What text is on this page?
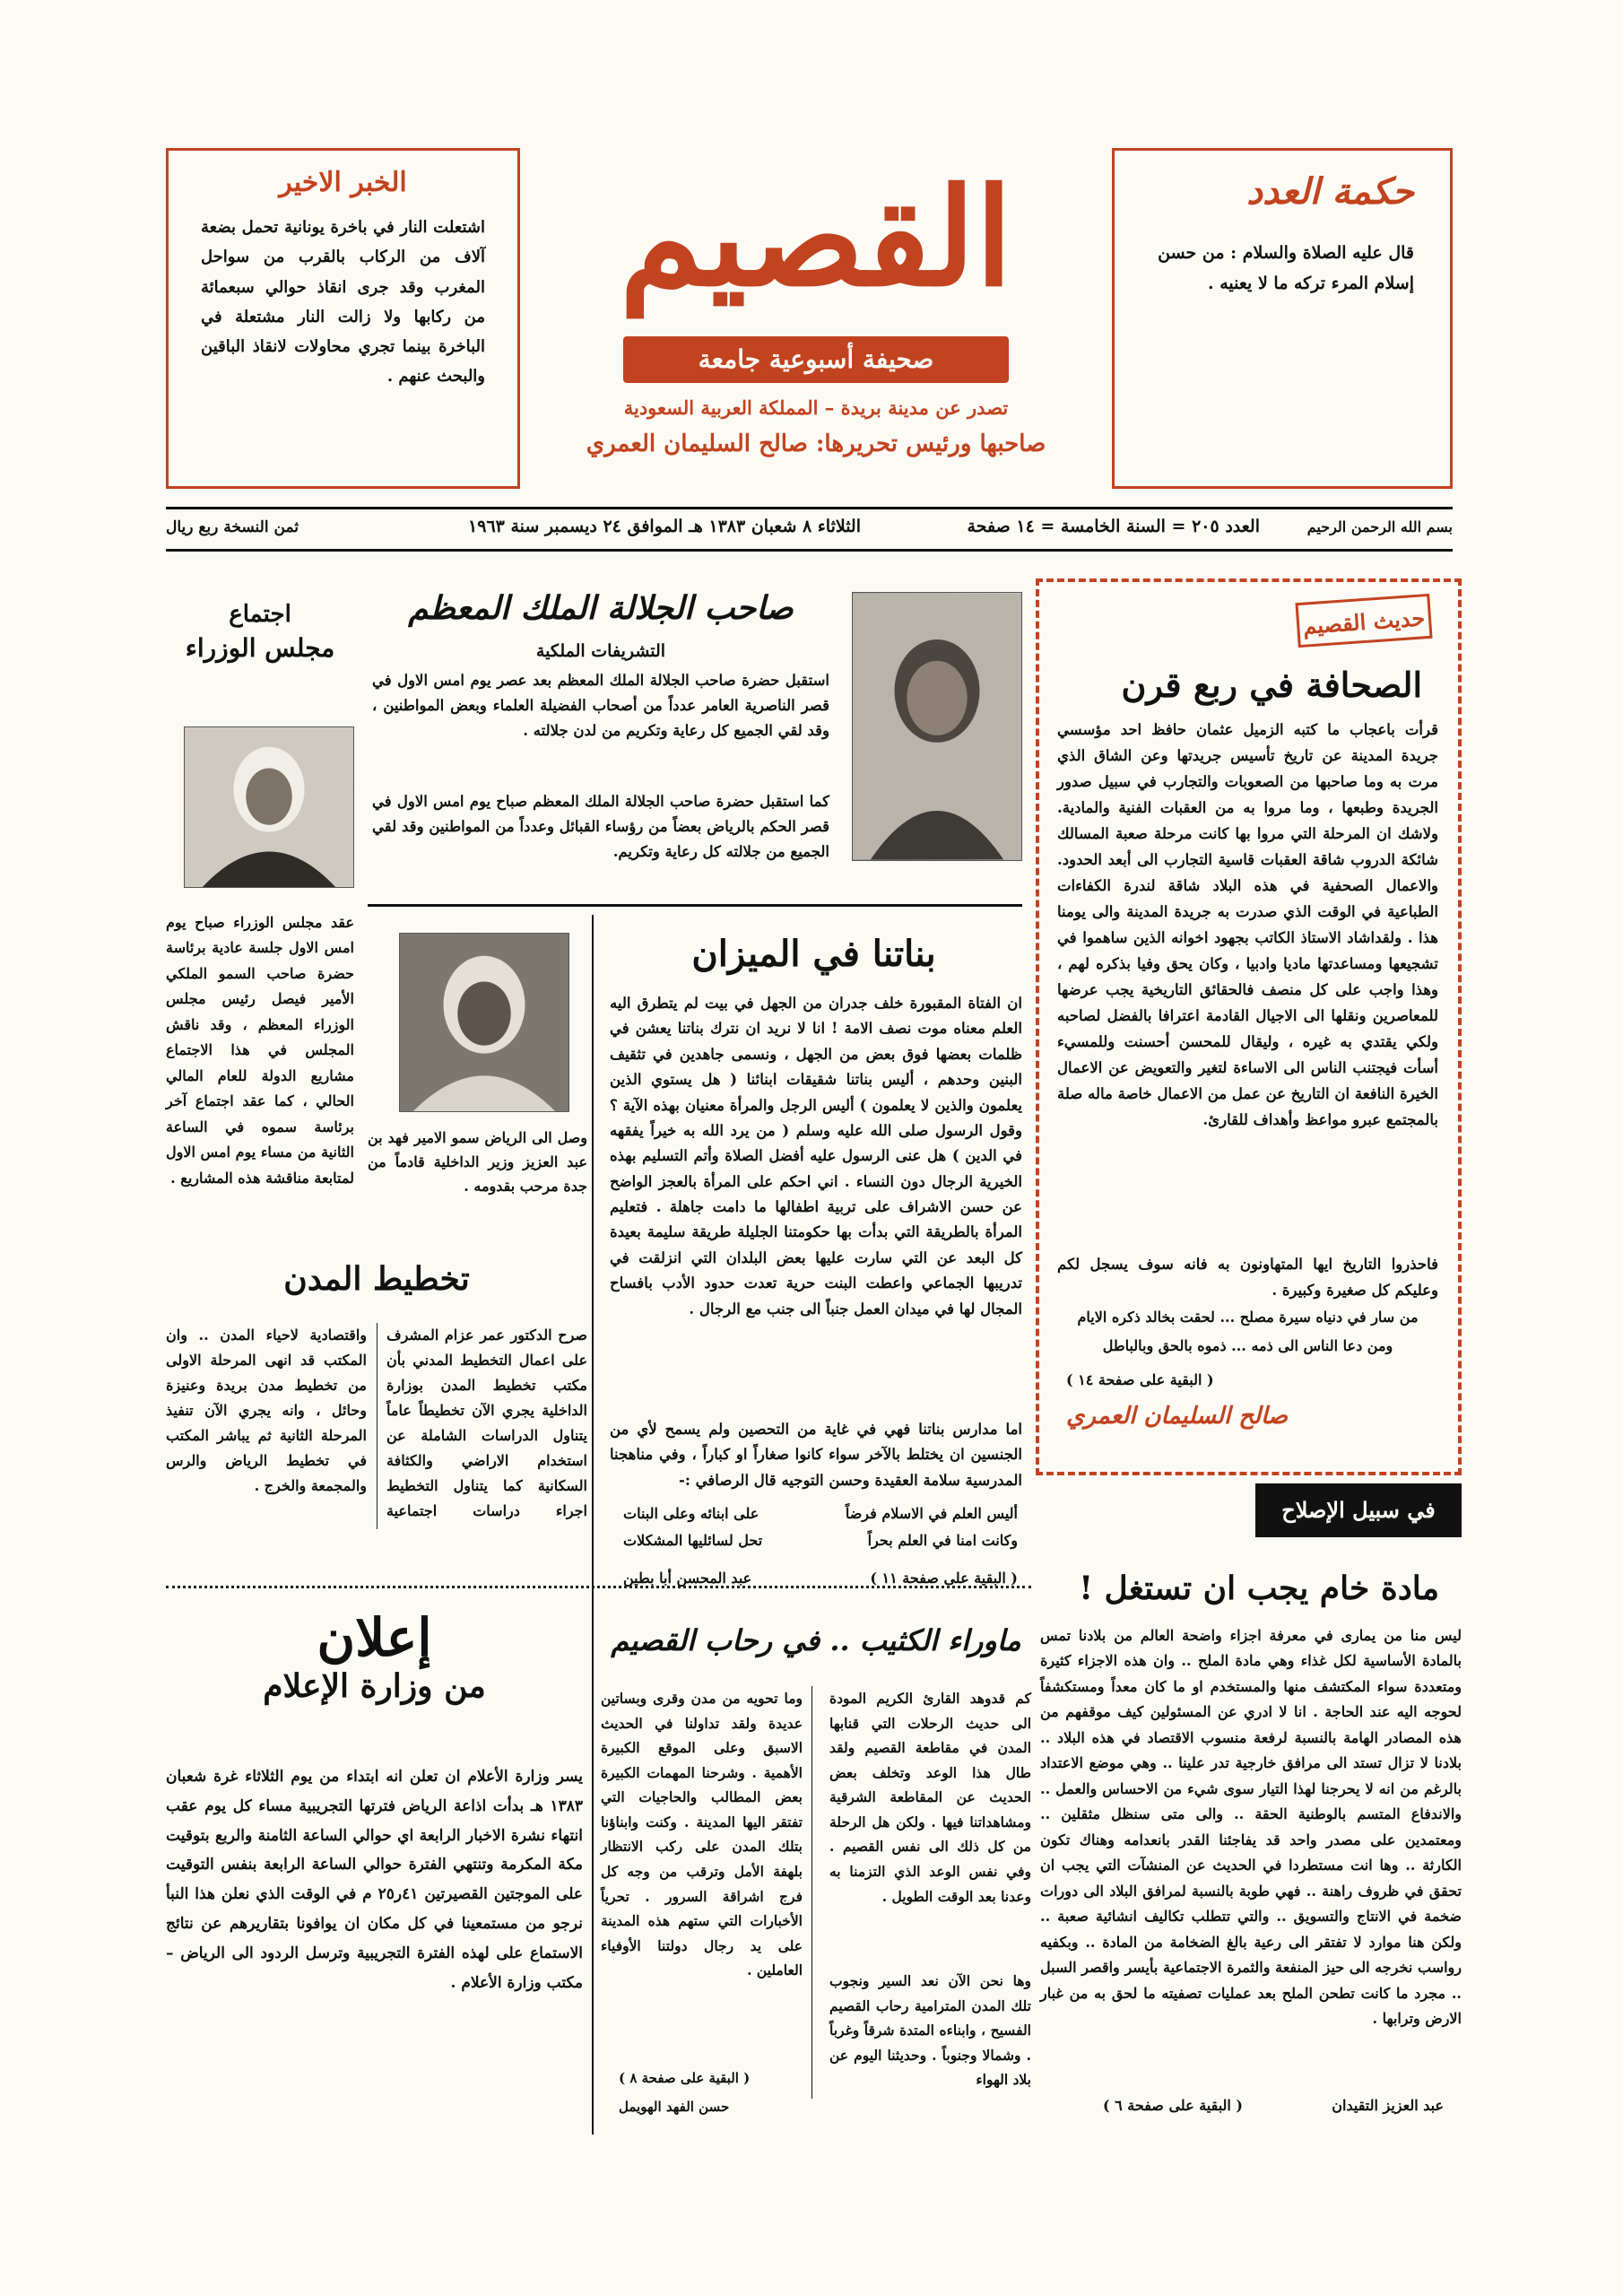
حكمة العدد
قال عليه الصلاة والسلام : من حسن إسلام المرء تركه ما لا يعنيه .
الخبر الاخير
اشتعلت النار في باخرة يونانية تحمل بضعة آلاف من الركاب بالقرب من سواحل المغرب وقد جرى انقاذ حوالي سبعمائة من ركابها ولا زالت النار مشتعلة في الباخرة بينما تجري محاولات لانقاذ الباقين والبحث عنهم .
القصيم
صحيفة أسبوعية جامعة
تصدر عن مدينة بريدة – المملكة العربية السعودية
صاحبها ورئيس تحريرها: صالح السليمان العمري
بسم الله الرحمن الرحيم
العدد ٢٠٥ = السنة الخامسة = ١٤ صفحة
الثلاثاء ٨ شعبان ١٣٨٣ هـ الموافق ٢٤ ديسمبر سنة ١٩٦٣
ثمن النسخة ربع ريال
حديث القصيم
الصحافة في ربع قرن
قرأت باعجاب ما كتبه الزميل عثمان حافظ احد مؤسسي جريدة المدينة عن تاريخ تأسيس جريدتها وعن الشاق الذي مرت به وما صاحبها من الصعوبات والتجارب في سبيل صدور الجريدة وطبعها ، وما مروا به من العقبات الفنية والمادية. ولاشك ان المرحلة التي مروا بها كانت مرحلة صعبة المسالك شائكة الدروب شاقة العقبات قاسية التجارب الى أبعد الحدود. والاعمال الصحفية في هذه البلاد شاقة لندرة الكفاءات الطباعية في الوقت الذي صدرت به جريدة المدينة والى يومنا هذا . ولقداشاد الاستاذ الكاتب بجهود اخوانه الذين ساهموا في تشجيعها ومساعدتها ماديا وادبيا ، وكان يحق وفيا بذكره لهم ، وهذا واجب على كل منصف فالحقائق التاريخية يجب عرضها للمعاصرين ونقلها الى الاجيال القادمة اعترافا بالفضل لصاحبه ولكي يقتدي به غيره ، وليقال للمحسن أحسنت وللمسيء أسأت فيجتنب الناس الى الاساءة لتغير والتعويض عن الاعمال الخيرة النافعة ان التاريخ عن عمل من الاعمال خاصة ماله صلة بالمجتمع عبرو مواعظ وأهداف للقارئ.
فاحذروا التاريخ ايها المتهاونون به فانه سوف يسجل لكم وعليكم كل صغيرة وكبيرة .
من سار في دنياه سيرة مصلح ... لحقت بخالد ذكره الايام
ومن دعا الناس الى ذمه ... ذموه بالحق وبالباطل
( البقية على صفحة ١٤ )
صالح السليمان العمري
صاحب الجلالة الملك المعظم
التشريفات الملكية
استقبل حضرة صاحب الجلالة الملك المعظم بعد عصر يوم امس الاول في قصر الناصرية العامر عدداً من أصحاب الفضيلة العلماء وبعض المواطنين ، وقد لقي الجميع كل رعاية وتكريم من لدن جلالته .
كما استقبل حضرة صاحب الجلالة الملك المعظم صباح يوم امس الاول في قصر الحكم بالرياض بعضاً من رؤساء القبائل وعدداً من المواطنين وقد لقي الجميع من جلالته كل رعاية وتكريم.
اجتماع
مجلس الوزراء
عقد مجلس الوزراء صباح يوم امس الاول جلسة عادية برئاسة حضرة صاحب السمو الملكي الأمير فيصل رئيس مجلس الوزراء المعظم ، وقد ناقش المجلس في هذا الاجتماع مشاريع الدولة للعام المالي الحالي ، كما عقد اجتماع آخر برئاسة سموه في الساعة الثانية من مساء يوم امس الاول لمتابعة مناقشة هذه المشاريع .
وصل الى الرياض سمو الامير فهد بن عبد العزيز وزير الداخلية قادماً من جدة مرحب بقدومه .
بناتنا في الميزان
ان الفتاة المقبورة خلف جدران من الجهل في بيت لم يتطرق اليه العلم معناه موت نصف الامة ! انا لا نريد ان نترك بناتنا يعشن في ظلمات بعضها فوق بعض من الجهل ، ونسمى جاهدين في تثقيف البنين وحدهم ، أليس بناتنا شقيقات ابنائنا ( هل يستوي الذين يعلمون والذين لا يعلمون ) أليس الرجل والمرأة معنيان بهذه الآية ؟ وقول الرسول صلى الله عليه وسلم ( من يرد الله به خيراً يفقهه في الدين ) هل عنى الرسول عليه أفضل الصلاة وأتم التسليم بهذه الخيرية الرجال دون النساء . اني احكم على المرأة بالعجز الواضح عن حسن الاشراف على تربية اطفالها ما دامت جاهلة . فتعليم المرأة بالطريقة التي بدأت بها حكومتنا الجليلة طريقة سليمة بعيدة كل البعد عن التي سارت عليها بعض البلدان التي انزلقت في تدريبها الجماعي واعطت البنت حرية تعدت حدود الأدب بافساح المجال لها في ميدان العمل جنباً الى جنب مع الرجال .
اما مدارس بناتنا فهي في غاية من التحصين ولم يسمح لأي من الجنسين ان يختلط بالآخر سواء كانوا صغاراً او كباراً ، وفي مناهجنا المدرسية سلامة العقيدة وحسن التوجيه قال الرصافي :-
أليس العلم في الاسلام فرضاً
على ابنائه وعلى البنات
وكانت امنا في العلم بحراً
تحل لسائليها المشكلات
( البقية على صفحة ١١ )
عبد المحسن أبا بطين
تخطيط المدن
صرح الدكتور عمر عزام المشرف على اعمال التخطيط المدني بأن مكتب تخطيط المدن بوزارة الداخلية يجري الآن تخطيطاً عاماً يتناول الدراسات الشاملة عن استخدام الاراضي والكثافة السكانية كما يتناول التخطيط اجراء دراسات اجتماعية واقتصادية لاحياء المدن .. وان المكتب قد انهى المرحلة الاولى من تخطيط مدن بريدة وعنيزة وحائل ، وانه يجري الآن تنفيذ المرحلة الثانية ثم يباشر المكتب في تخطيط الرياض والرس والمجمعة والخرج .
في سبيل الإصلاح
مادة خام يجب ان تستغل !
ليس منا من يمارى في معرفة اجزاء واضحة العالم من بلادنا تمس بالمادة الأساسية لكل غذاء وهي مادة الملح .. وان هذه الاجزاء كثيرة ومتعددة سواء المكتشف منها والمستخدم او ما كان معداً ومستكشفاً لحوجه اليه عند الحاجة . انا لا ادري عن المسئولين كيف موقفهم من هذه المصادر الهامة بالنسبة لرفعة منسوب الاقتصاد في هذه البلاد .. بلادنا لا تزال تستد الى مرافق خارجية تدر علينا .. وهي موضع الاعتداد بالرغم من انه لا يحرجنا لهذا التيار سوى شيء من الاحساس والعمل .. والاندفاع المتسم بالوطنية الحقة .. والى متى سنظل مثقلين .. ومعتمدين على مصدر واحد قد يفاجئنا القدر بانعدامه وهناك تكون الكارثة .. وها انت مستطردا في الحديث عن المنشآت التي يجب ان تحقق في ظروف راهنة .. فهي طوبة بالنسبة لمرافق البلاد الى دورات ضخمة في الانتاج والتسويق .. والتي تتطلب تكاليف انشائية صعبة .. ولكن هنا موارد لا تفتقر الى رعية بالغ الضخامة من المادة .. وبكفيه رواسب نخرجه الى حيز المنفعة والثمرة الاجتماعية بأيسر واقصر السبل .. مجرد ما كانت تطحن الملح بعد عمليات تصفيته ما لحق به من غبار الارض وترابها .
( البقية على صفحة ٦ )	عبد العزيز التقيدان
إعلان
من وزارة الإعلام
يسر وزارة الأعلام ان تعلن انه ابتداء من يوم الثلاثاء غرة شعبان ١٣٨٣ هـ بدأت اذاعة الرياض فترتها التجريبية مساء كل يوم عقب انتهاء نشرة الاخبار الرابعة اي حوالي الساعة الثامنة والربع بتوقيت مكة المكرمة وتنتهي الفترة حوالي الساعة الرابعة بنفس التوقيت على الموجتين القصيرتين ٤١ر٢٥ م في الوقت الذي نعلن هذا النبأ نرجو من مستمعينا في كل مكان ان يوافونا بتقاريرهم عن نتائج الاستماع على لهذه الفترة التجريبية وترسل الردود الى الرياض – مكتب وزارة الأعلام .
ماوراء الكثيب .. في رحاب القصيم
كم قدوهد القارئ الكريم المودة الى حديث الرحلات التي قنابها المدن في مقاطعة القصيم ولقد طال هذا الوعد وتخلف بعض الحديث عن المقاطعة الشرقية ومشاهداتنا فيها . ولكن هل الرحلة من كل ذلك الى نفس القصيم . وفي نفس الوعد الذي التزمنا به وعدنا بعد الوقت الطويل .
وها نحن الآن نعد السير ونجوب تلك المدن المترامية رحاب القصيم الفسيح ، وابناءه المتدة شرقاً وغرباً . وشمالا وجنوباً . وحديثنا اليوم عن بلاد الهواء
وما تحويه من مدن وقرى وبساتين عديدة ولقد تداولنا في الحديث الاسبق وعلى الموقع الكبيرة الأهمية . وشرحنا المهمات الكبيرة بعض المطالب والحاجيات التي تفتقر اليها المدينة . وكنت وابناؤنا بتلك المدن على ركب الانتظار بلهفة الأمل وترقب من وجه كل فرج اشراقة السرور . تحرياً الأخبارات التي ستهم هذه المدينة على يد رجال دولتنا الأوفياء العاملين .
( البقية على صفحة ٨ )
حسن الفهد الهويمل
